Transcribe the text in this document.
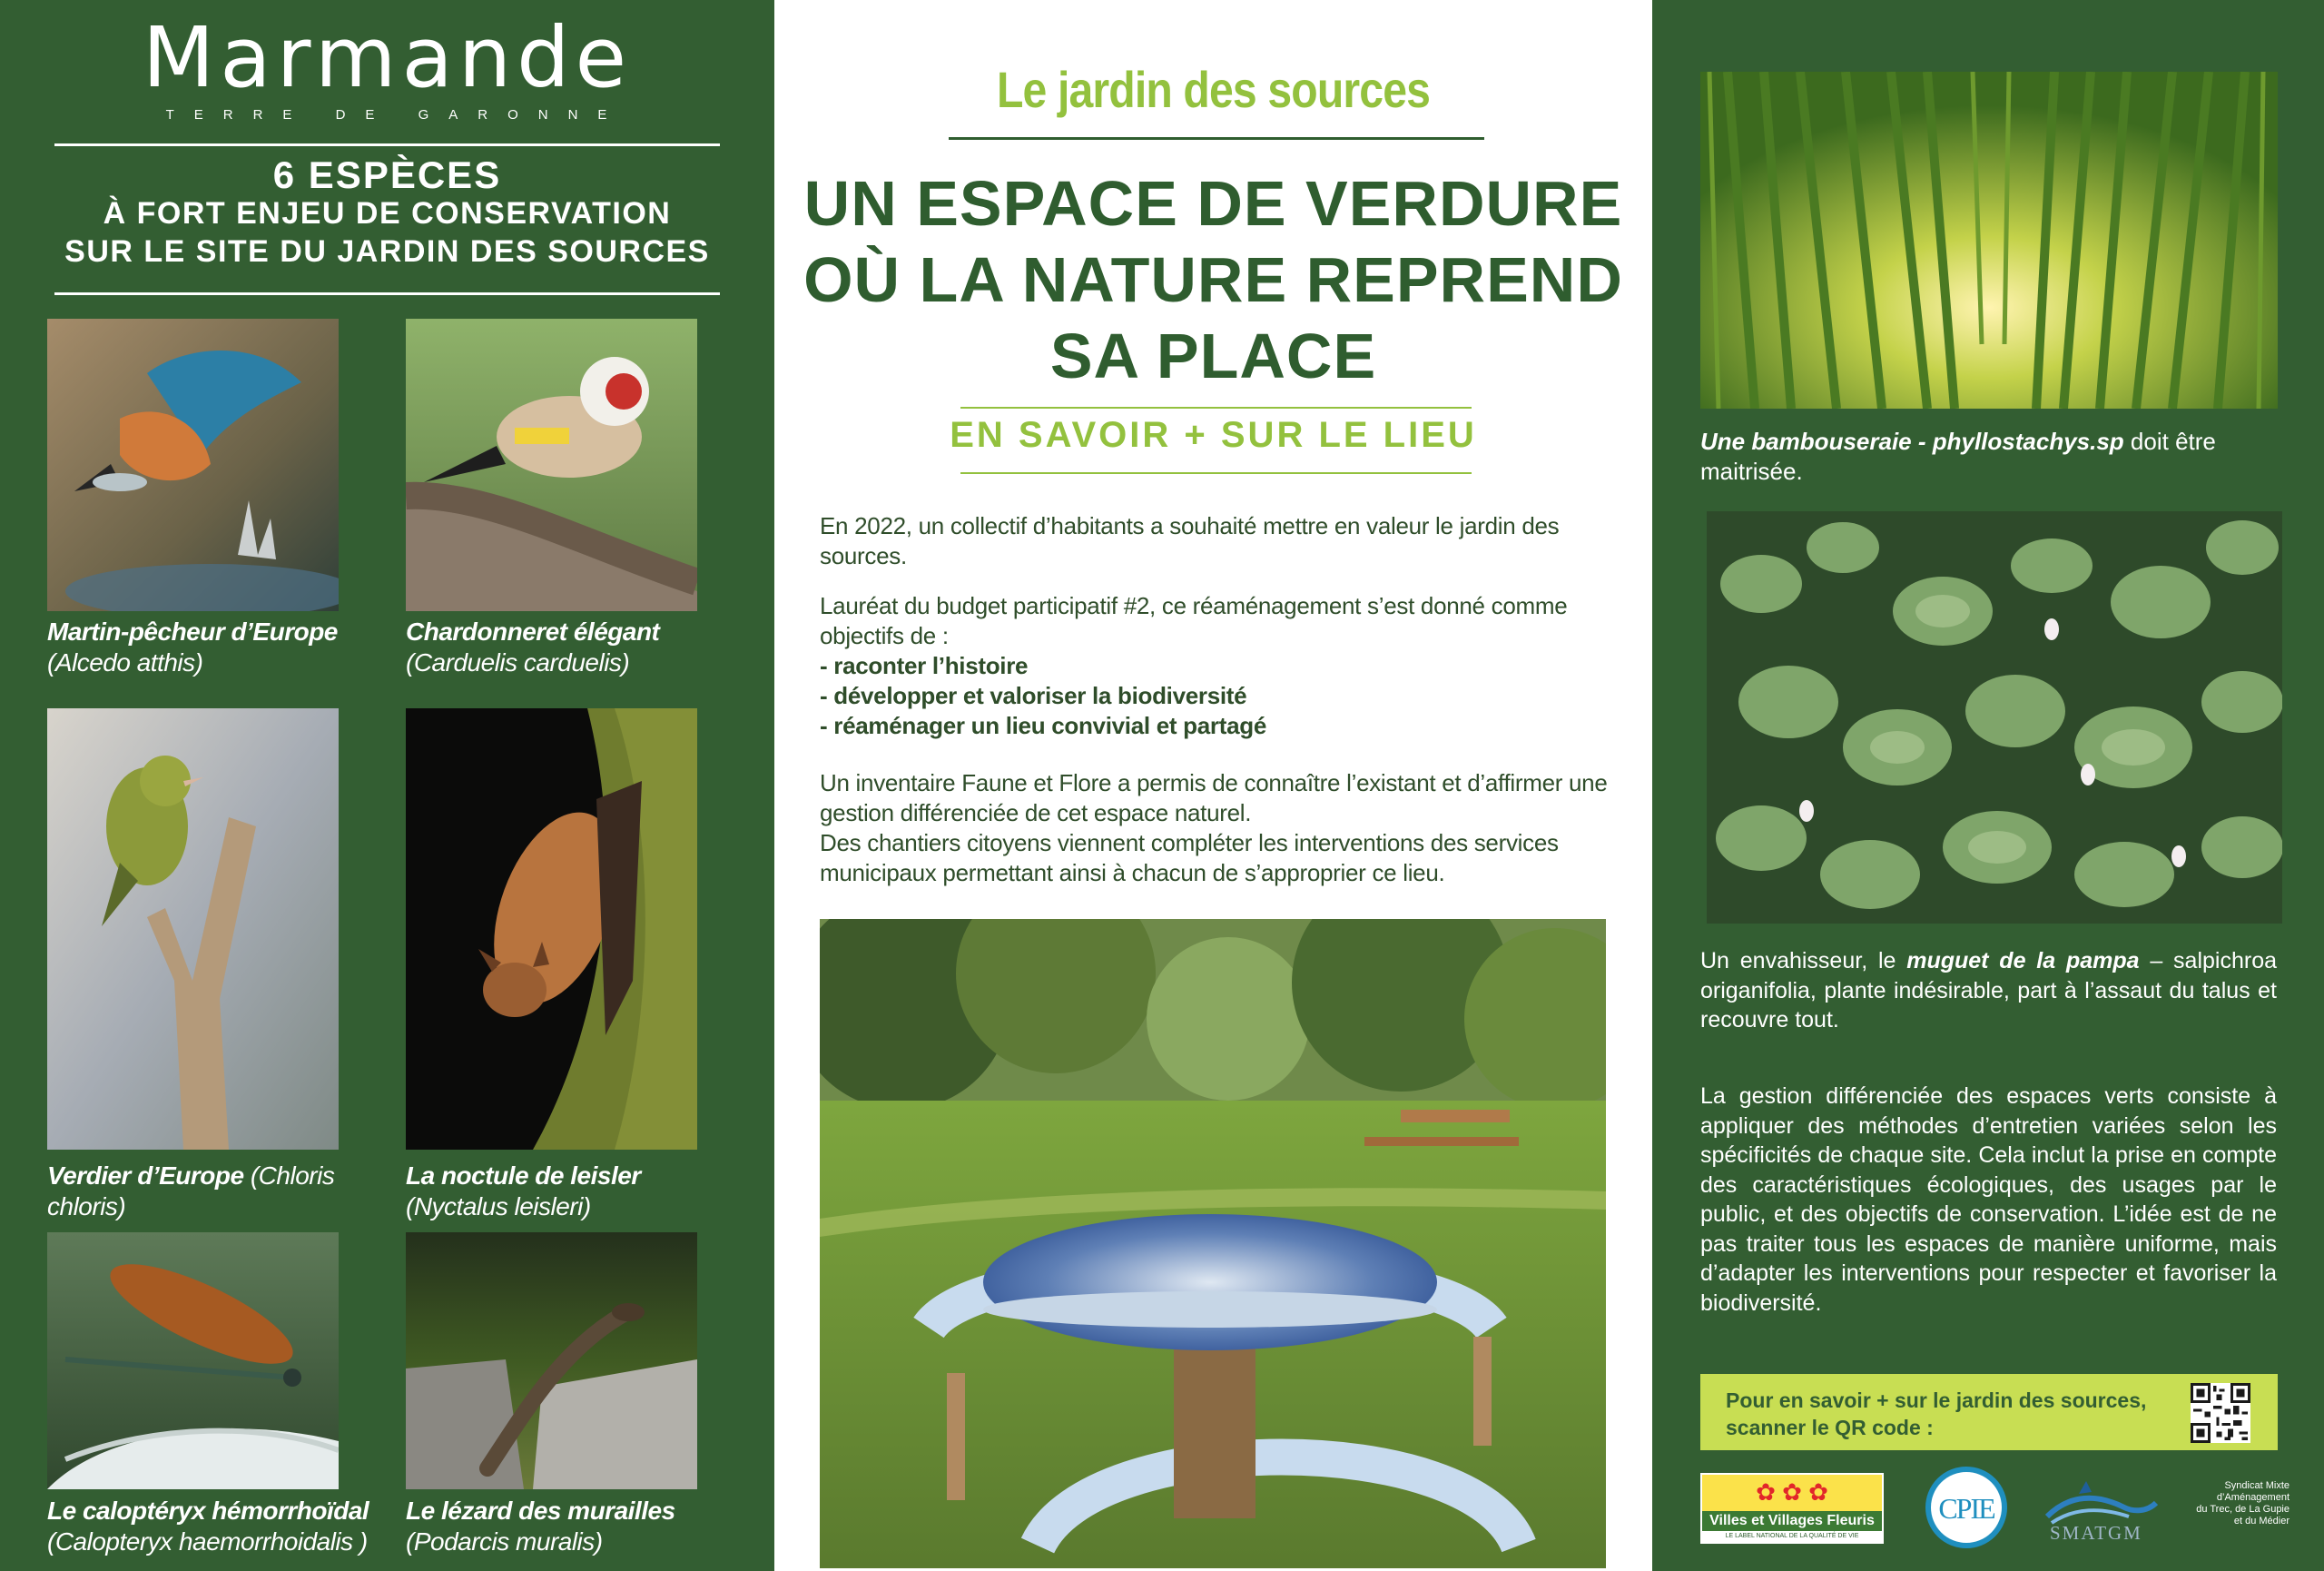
Marmande
TERRE DE GARONNE
6 ESPÈCES
À FORT ENJEU DE CONSERVATION
SUR LE SITE DU JARDIN DES SOURCES
Martin-pêcheur d’Europe
(Alcedo atthis)
Chardonneret élégant
(Carduelis carduelis)
Verdier d’Europe (Chloris chloris)
La noctule de leisler
(Nyctalus leisleri)
Le caloptéryx hémorrhoïdal
(Calopteryx haemorrhoidalis )
Le lézard des murailles
(Podarcis muralis)
Le jardin des sources
UN ESPACE DE VERDURE
OÙ LA NATURE REPREND
SA PLACE
EN SAVOIR + SUR LE LIEU
En 2022, un collectif d’habitants a souhaité mettre en valeur le jardin des sources.
Lauréat du budget participatif #2, ce réaménagement s’est donné comme objectifs de :
- raconter l’histoire
- développer et valoriser la biodiversité
- réaménager un lieu convivial et partagé
Un inventaire Faune et Flore a permis de connaître l’existant et d’affirmer une gestion différenciée de cet espace naturel.
Des chantiers citoyens viennent compléter les interventions des services municipaux permettant ainsi à chacun de s’approprier ce lieu.
Une bambouseraie - phyllostachys.sp doit être maitrisée.
Un envahisseur, le muguet de la pampa – salpichroa origanifolia, plante indésirable, part à l’assaut du talus et recouvre tout.
La gestion différenciée des espaces verts consiste à appliquer des méthodes d’entretien variées selon les spécificités de chaque site. Cela inclut la prise en compte des caractéristiques écologiques, des usages par le public, et des objectifs de conservation. L’idée est de ne pas traiter tous les espaces de manière uniforme, mais d’adapter les interventions pour respecter et favoriser la biodiversité.
Pour en savoir + sur le jardin des sources,
scanner le QR code :
✿ ✿ ✿
Villes et Villages Fleuris
LE LABEL NATIONAL DE LA QUALITÉ DE VIE
CPIE
SMATGM
Syndicat Mixte
d’Aménagement
du Trec, de La Gupie
et du Médier
